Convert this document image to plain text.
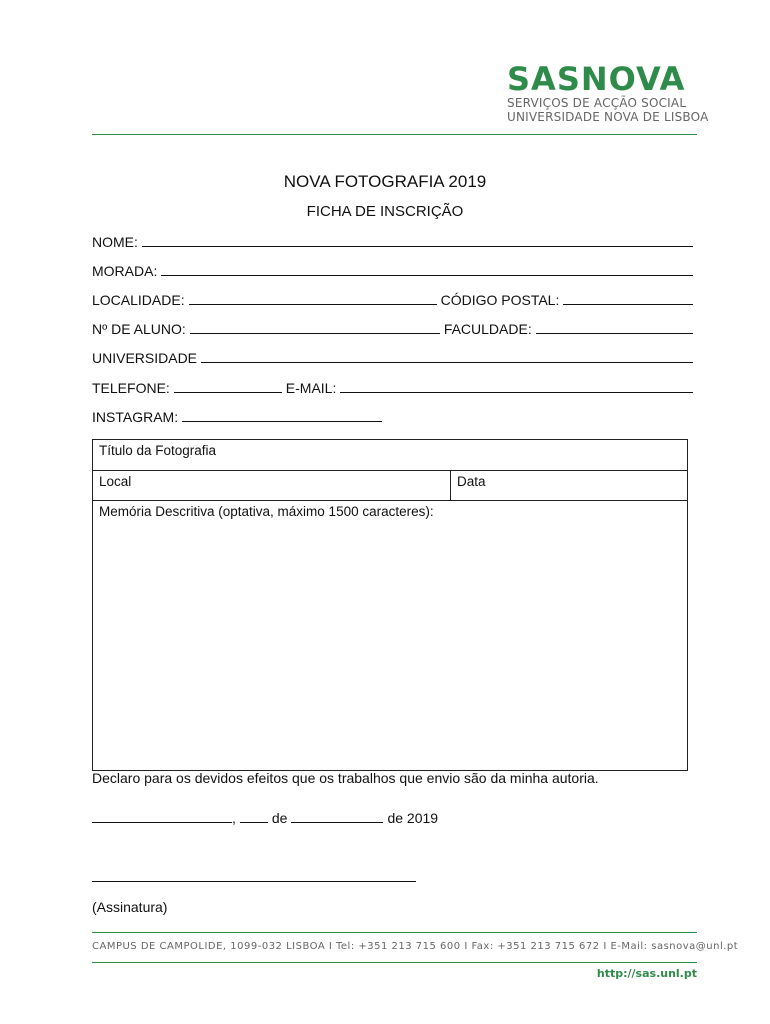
SASNOVA
SERVIÇOS DE ACÇÃO SOCIAL
UNIVERSIDADE NOVA DE LISBOA
NOVA FOTOGRAFIA 2019
FICHA DE INSCRIÇÃO
NOME:
MORADA:
LOCALIDADE:	CÓDIGO POSTAL:
Nº DE ALUNO:	FACULDADE:
UNIVERSIDADE
TELEFONE:	E-MAIL:
INSTAGRAM:
Título da Fotografia
Local	Data
Memória Descritiva (optativa, máximo 1500 caracteres):
Declaro para os devidos efeitos que os trabalhos que envio são da minha autoria.
,	de	de 2019
(Assinatura)
CAMPUS DE CAMPOLIDE, 1099-032 LISBOA I Tel: +351 213 715 600 I Fax: +351 213 715 672 I E-Mail: sasnova@unl.pt
http://sas.unl.pt
